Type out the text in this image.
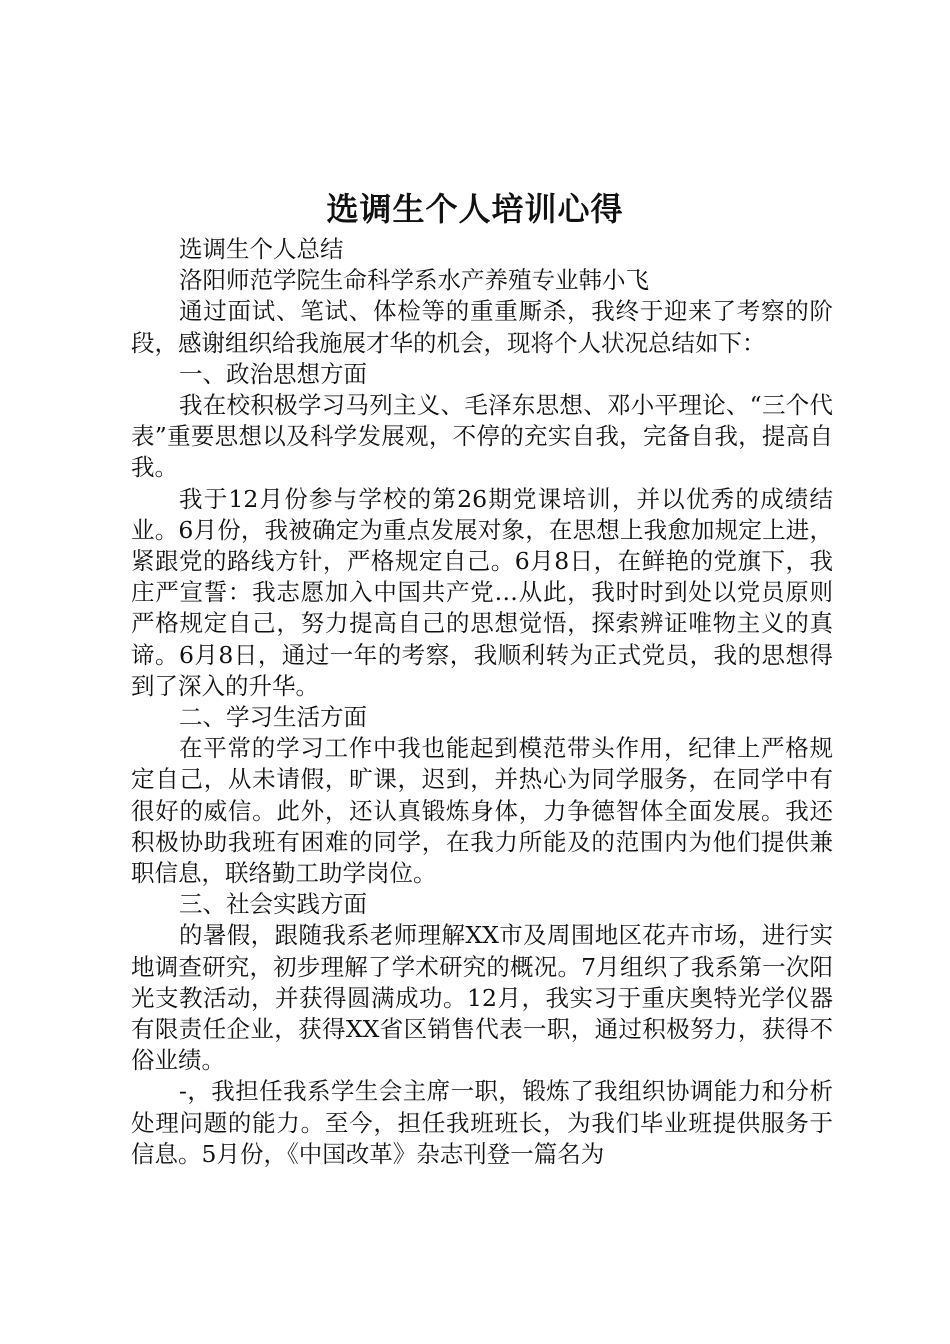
选调生个人培训心得

选调生个人总结

洛阳师范学院生命科学系水产养殖专业韩小飞

通过面试、笔试、体检等的重重厮杀，我终于迎来了考察的阶段，感谢组织给我施展才华的机会，现将个人状况总结如下：

一、政治思想方面

我在校积极学习马列主义、毛泽东思想、邓小平理论、“三个代表”重要思想以及科学发展观，不停的充实自我，完备自我，提高自我。

我于12月份参与学校的第26期党课培训，并以优秀的成绩结业。6月份，我被确定为重点发展对象，在思想上我愈加规定上进，紧跟党的路线方针，严格规定自己。6月8日，在鲜艳的党旗下，我庄严宣誓：我志愿加入中国共产党…从此，我时时到处以党员原则严格规定自己，努力提高自己的思想觉悟，探索辨证唯物主义的真谛。6月8日，通过一年的考察，我顺利转为正式党员，我的思想得到了深入的升华。

二、学习生活方面

在平常的学习工作中我也能起到模范带头作用，纪律上严格规定自己，从未请假，旷课，迟到，并热心为同学服务，在同学中有很好的威信。此外，还认真锻炼身体，力争德智体全面发展。我还积极协助我班有困难的同学，在我力所能及的范围内为他们提供兼职信息，联络勤工助学岗位。

三、社会实践方面

的暑假，跟随我系老师理解XX市及周围地区花卉市场，进行实地调查研究，初步理解了学术研究的概况。7月组织了我系第一次阳光支教活动，并获得圆满成功。12月，我实习于重庆奥特光学仪器有限责任企业，获得XX省区销售代表一职，通过积极努力，获得不俗业绩。

-，我担任我系学生会主席一职，锻炼了我组织协调能力和分析处理问题的能力。至今，担任我班班长，为我们毕业班提供服务于信息。5月份，《中国改革》杂志刊登一篇名为
